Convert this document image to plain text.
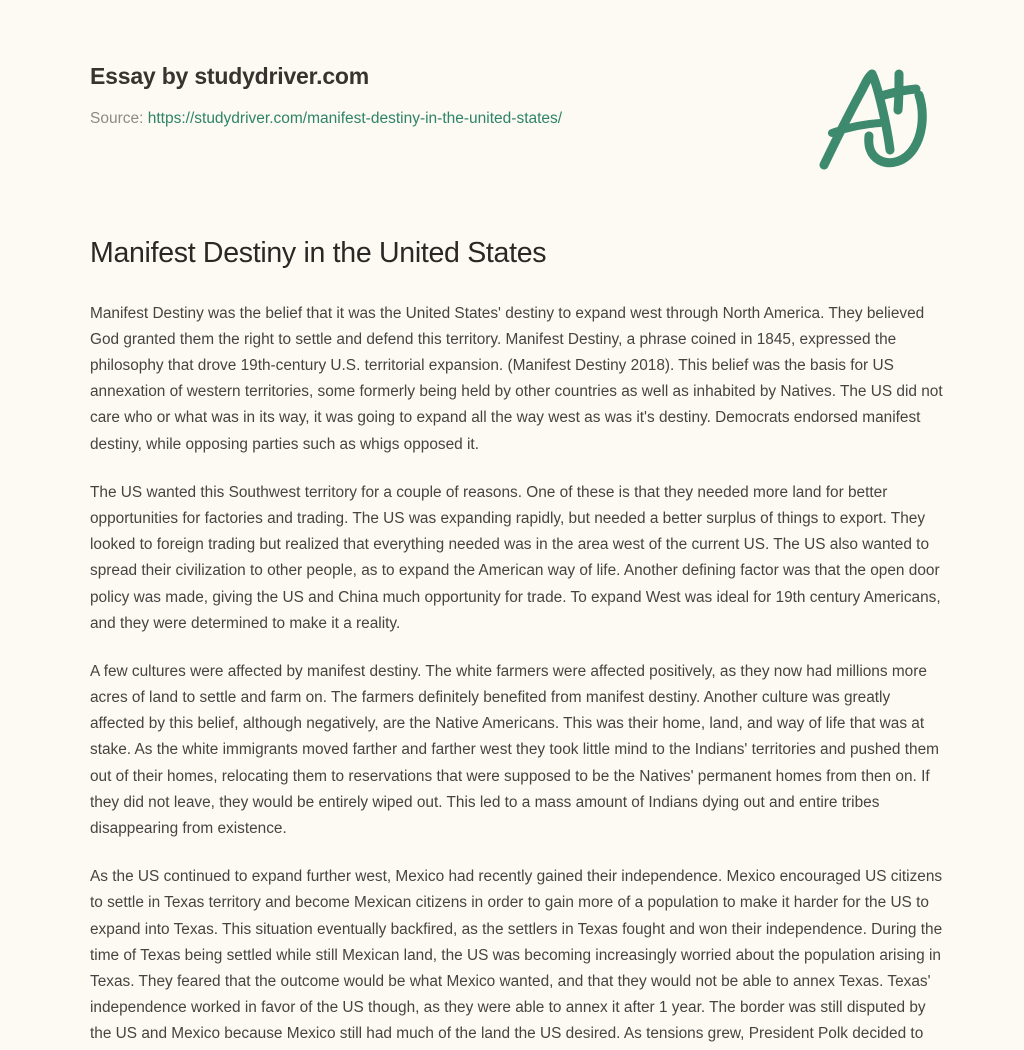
Essay by studydriver.com
Source: https://studydriver.com/manifest-destiny-in-the-united-states/
Manifest Destiny in the United States

Manifest Destiny was the belief that it was the United States' destiny to expand west through North America. They believed God granted them the right to settle and defend this territory. Manifest Destiny, a phrase coined in 1845, expressed the philosophy that drove 19th-century U.S. territorial expansion. (Manifest Destiny 2018). This belief was the basis for US annexation of western territories, some formerly being held by other countries as well as inhabited by Natives. The US did not care who or what was in its way, it was going to expand all the way west as was it's destiny. Democrats endorsed manifest destiny, while opposing parties such as whigs opposed it.

The US wanted this Southwest territory for a couple of reasons. One of these is that they needed more land for better opportunities for factories and trading. The US was expanding rapidly, but needed a better surplus of things to export. They looked to foreign trading but realized that everything needed was in the area west of the current US. The US also wanted to spread their civilization to other people, as to expand the American way of life. Another defining factor was that the open door policy was made, giving the US and China much opportunity for trade. To expand West was ideal for 19th century Americans, and they were determined to make it a reality.

A few cultures were affected by manifest destiny. The white farmers were affected positively, as they now had millions more acres of land to settle and farm on. The farmers definitely benefited from manifest destiny. Another culture was greatly affected by this belief, although negatively, are the Native Americans. This was their home, land, and way of life that was at stake. As the white immigrants moved farther and farther west they took little mind to the Indians' territories and pushed them out of their homes, relocating them to reservations that were supposed to be the Natives' permanent homes from then on. If they did not leave, they would be entirely wiped out. This led to a mass amount of Indians dying out and entire tribes disappearing from existence.

As the US continued to expand further west, Mexico had recently gained their independence. Mexico encouraged US citizens to settle in Texas territory and become Mexican citizens in order to gain more of a population to make it harder for the US to expand into Texas. This situation eventually backfired, as the settlers in Texas fought and won their independence. During the time of Texas being settled while still Mexican land, the US was becoming increasingly worried about the population arising in Texas. They feared that the outcome would be what Mexico wanted, and that they would not be able to annex Texas. Texas' independence worked in favor of the US though, as they were able to annex it after 1 year. The border was still disputed by the US and Mexico because Mexico still had much of the land the US desired. As tensions grew, President Polk decided to
